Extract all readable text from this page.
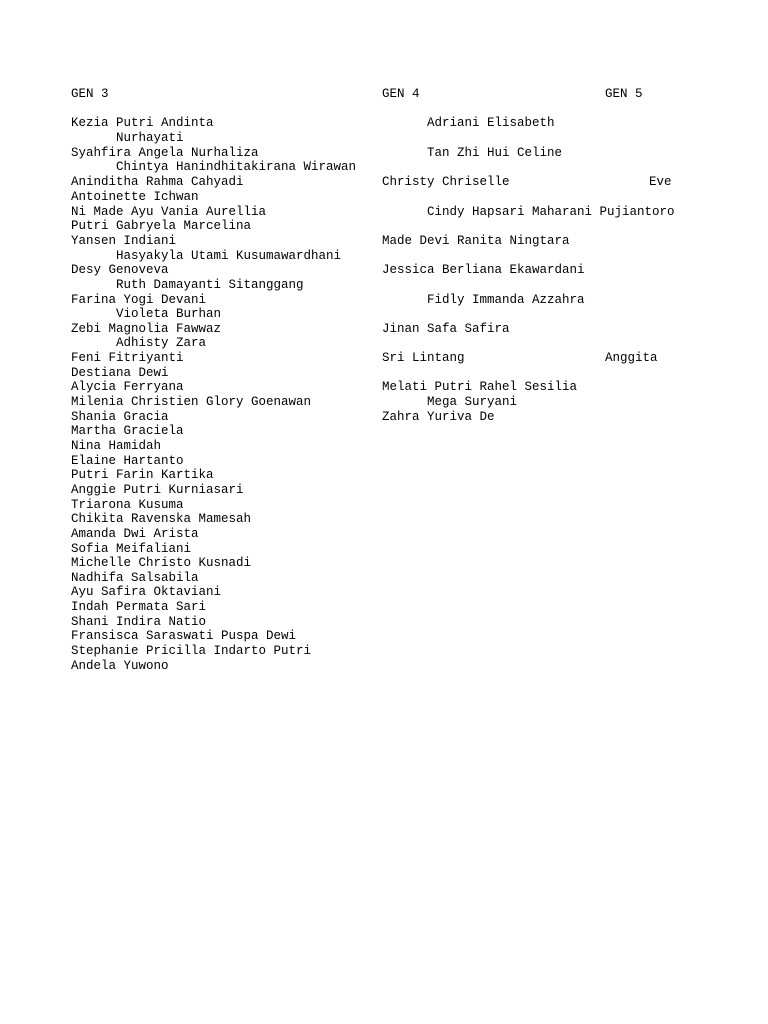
GEN 3	GEN 4	GEN 5
Kezia Putri Andinta
Nurhayati
Syahfira Angela Nurhaliza
Chintya Hanindhitakirana Wirawan
Aninditha Rahma Cahyadi
Antoinette Ichwan
Ni Made Ayu Vania Aurellia
Putri Gabryela Marcelina
Yansen Indiani
Hasyakyla Utami Kusumawardhani
Desy Genoveva
Ruth Damayanti Sitanggang
Farina Yogi Devani
Violeta Burhan
Zebi Magnolia Fawwaz
Adhisty Zara
Feni Fitriyanti
Destiana Dewi
Alycia Ferryana
Milenia Christien Glory Goenawan
Shania Gracia
Martha Graciela
Nina Hamidah
Elaine Hartanto
Putri Farin Kartika
Anggie Putri Kurniasari
Triarona Kusuma
Chikita Ravenska Mamesah
Amanda Dwi Arista
Sofia Meifaliani
Michelle Christo Kusnadi
Nadhifa Salsabila
Ayu Safira Oktaviani
Indah Permata Sari
Shani Indira Natio
Fransisca Saraswati Puspa Dewi
Stephanie Pricilla Indarto Putri
Andela Yuwono
Adriani Elisabeth
Tan Zhi Hui Celine
Christy Chriselle
Cindy Hapsari Maharani Pujiantoro
Made Devi Ranita Ningtara
Jessica Berliana Ekawardani
Fidly Immanda Azzahra
Jinan Safa Safira
Sri Lintang
Melati Putri Rahel Sesilia
Mega Suryani
Zahra Yuriva De
Eve
Anggita
